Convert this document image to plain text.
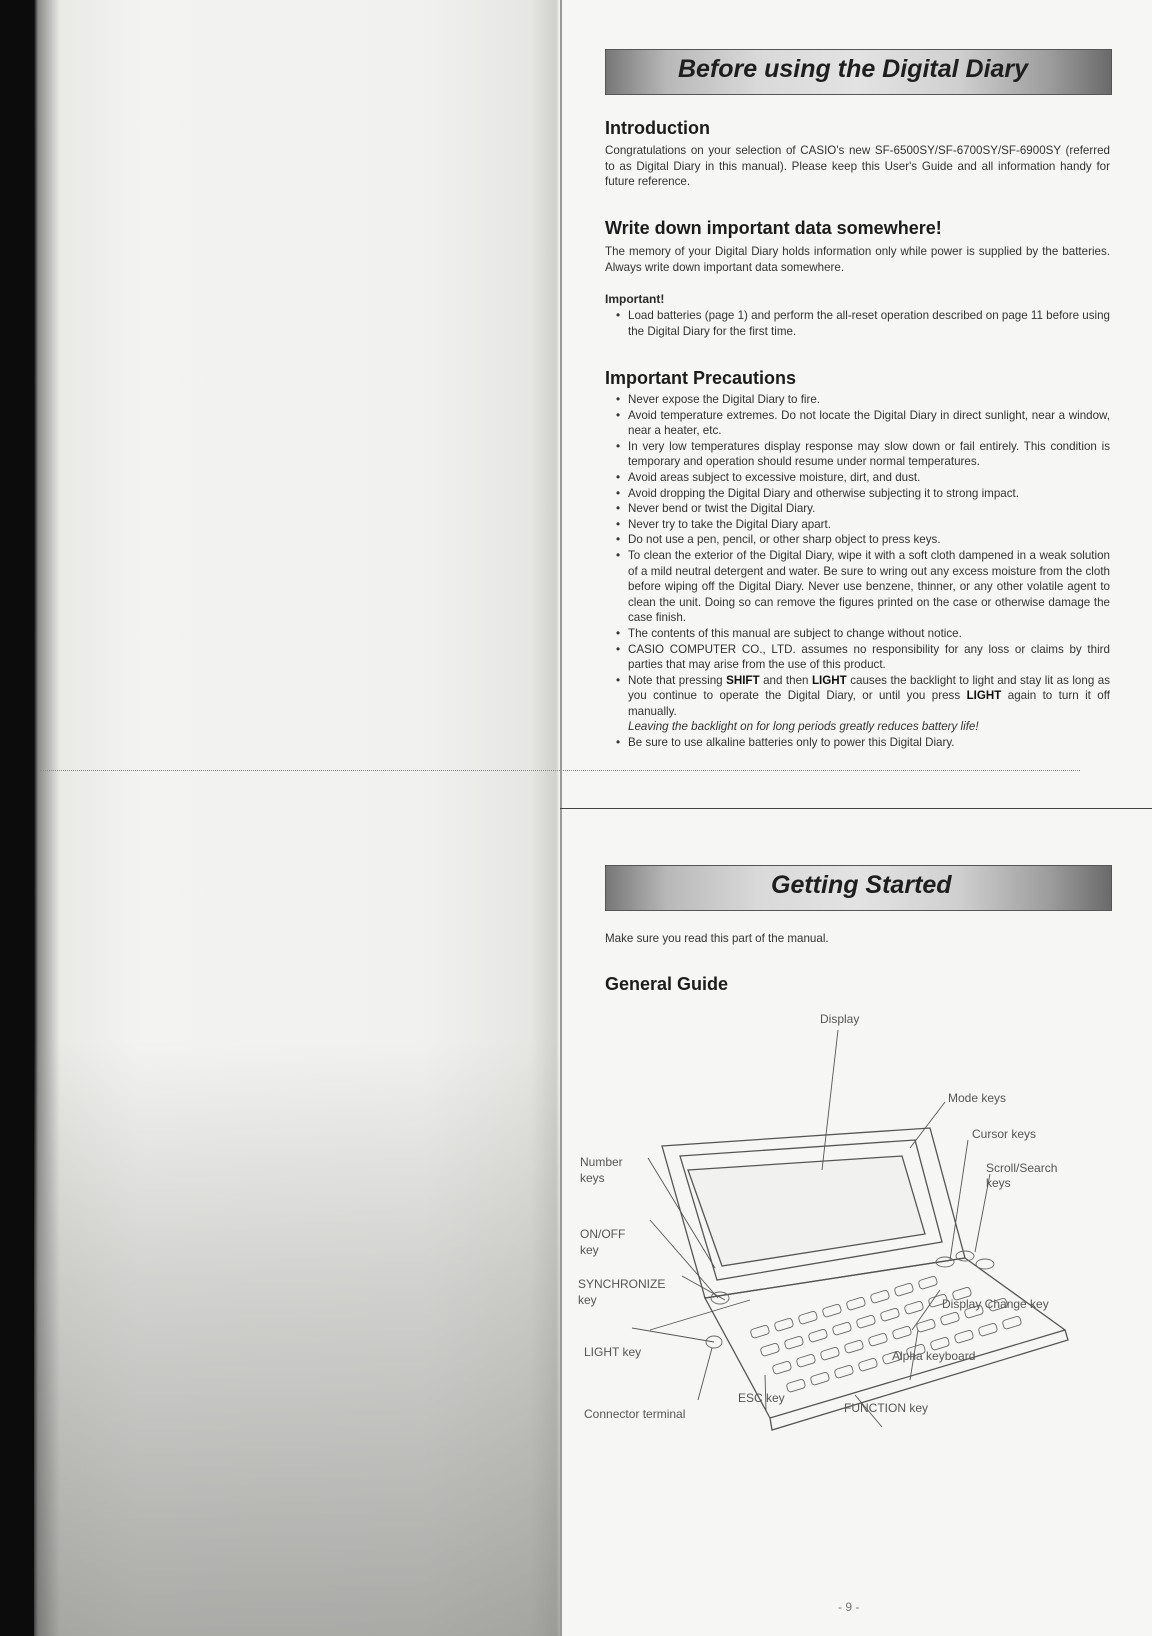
Before using the Digital Diary
Introduction

Congratulations on your selection of CASIO's new SF-6500SY/SF-6700SY/SF-6900SY (referred to as Digital Diary in this manual). Please keep this User's Guide and all information handy for future reference.

Write down important data somewhere!

The memory of your Digital Diary holds information only while power is supplied by the batteries. Always write down important data somewhere.

Important!

• Load batteries (page 1) and perform the all-reset operation described on page 11 before using the Digital Diary for the first time.
Important Precautions
• Never expose the Digital Diary to fire.
• Avoid temperature extremes. Do not locate the Digital Diary in direct sunlight, near a window, near a heater, etc.
• In very low temperatures display response may slow down or fail entirely. This condition is temporary and operation should resume under normal temperatures.
• Avoid areas subject to excessive moisture, dirt, and dust.
• Avoid dropping the Digital Diary and otherwise subjecting it to strong impact.
• Never bend or twist the Digital Diary.
• Never try to take the Digital Diary apart.
• Do not use a pen, pencil, or other sharp object to press keys.
• To clean the exterior of the Digital Diary, wipe it with a soft cloth dampened in a weak solution of a mild neutral detergent and water. Be sure to wring out any excess moisture from the cloth before wiping off the Digital Diary. Never use benzene, thinner, or any other volatile agent to clean the unit. Doing so can remove the figures printed on the case or otherwise damage the case finish.
• The contents of this manual are subject to change without notice.
• CASIO COMPUTER CO., LTD. assumes no responsibility for any loss or claims by third parties that may arise from the use of this product.
• Note that pressing SHIFT and then LIGHT causes the backlight to light and stay lit as long as you continue to operate the Digital Diary, or until you press LIGHT again to turn it off manually.
Leaving the backlight on for long periods greatly reduces battery life!
• Be sure to use alkaline batteries only to power this Digital Diary.
Getting Started

Make sure you read this part of the manual.

General Guide
Display
Mode keys
Cursor keys
Scroll/Search
keys
Number
keys
ON/OFF
key
SYNCHRONIZE
key
LIGHT key
Display Change key
Alpha keyboard
ESC key
Connector terminal	FUNCTION key
- 9 -
